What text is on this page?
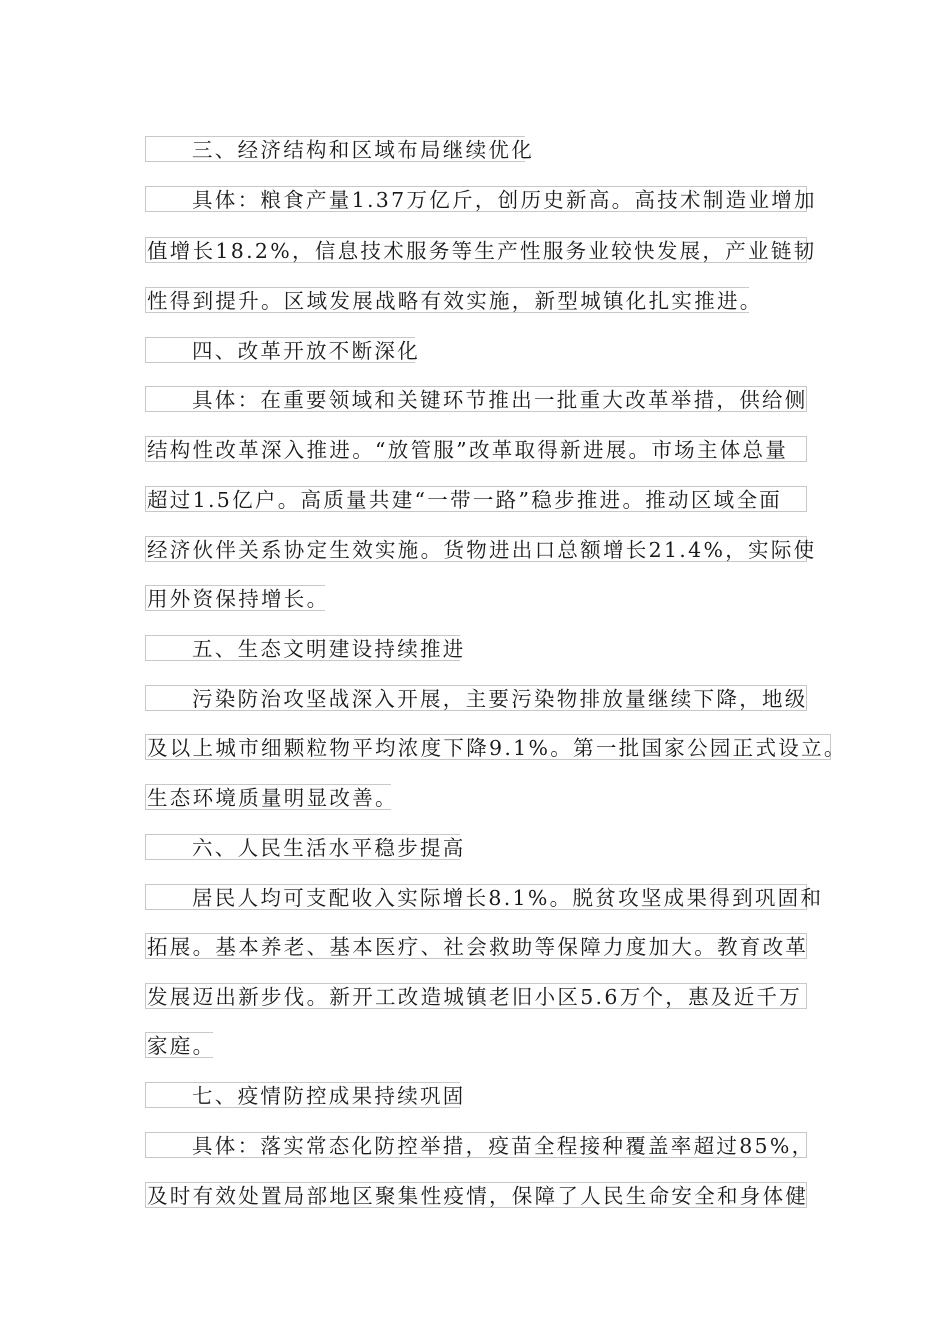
三、经济结构和区域布局继续优化
具体：粮食产量1.37万亿斤，创历史新高。高技术制造业增加
值增长18.2%，信息技术服务等生产性服务业较快发展，产业链韧
性得到提升。区域发展战略有效实施，新型城镇化扎实推进。
四、改革开放不断深化
具体：在重要领域和关键环节推出一批重大改革举措，供给侧
结构性改革深入推进。“放管服”改革取得新进展。市场主体总量
超过1.5亿户。高质量共建“一带一路”稳步推进。推动区域全面
经济伙伴关系协定生效实施。货物进出口总额增长21.4%，实际使
用外资保持增长。
五、生态文明建设持续推进
污染防治攻坚战深入开展，主要污染物排放量继续下降，地级
及以上城市细颗粒物平均浓度下降9.1%。第一批国家公园正式设立。
生态环境质量明显改善。
六、人民生活水平稳步提高
居民人均可支配收入实际增长8.1%。脱贫攻坚成果得到巩固和
拓展。基本养老、基本医疗、社会救助等保障力度加大。教育改革
发展迈出新步伐。新开工改造城镇老旧小区5.6万个，惠及近千万
家庭。
七、疫情防控成果持续巩固
具体：落实常态化防控举措，疫苗全程接种覆盖率超过85%，
及时有效处置局部地区聚集性疫情，保障了人民生命安全和身体健
